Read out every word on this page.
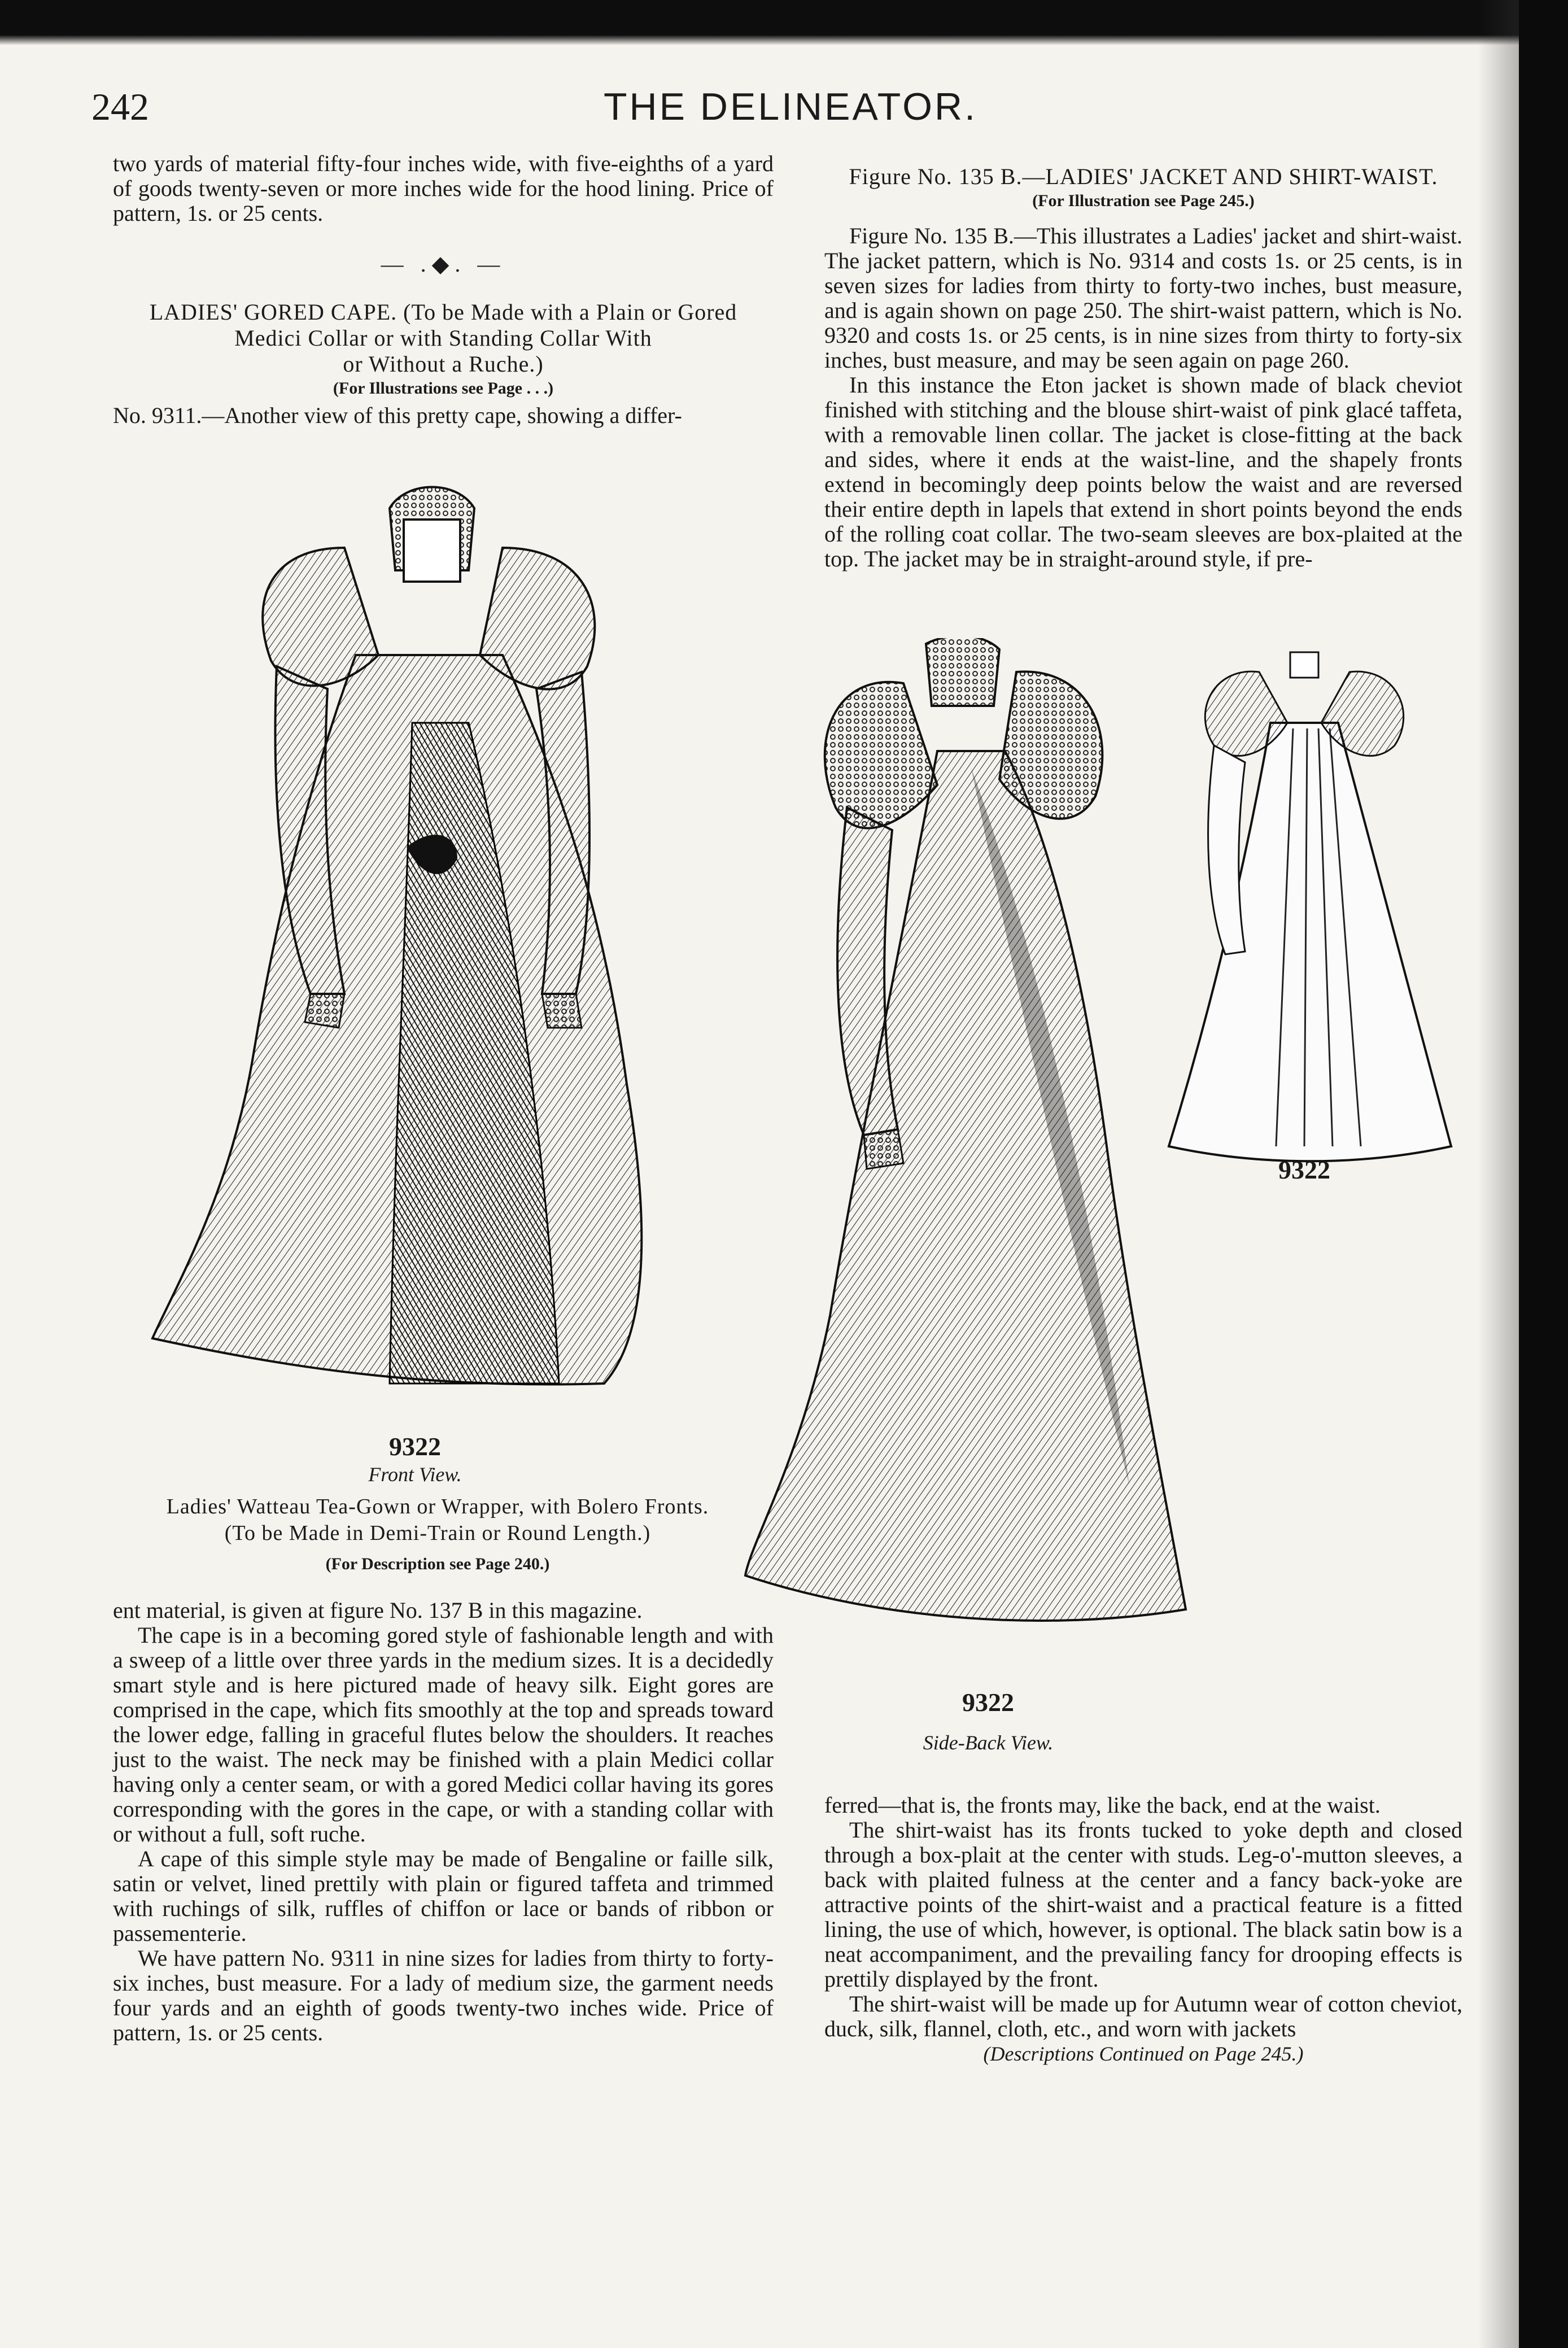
242	THE DELINEATOR.

two yards of material fifty-four inches wide, with five-eighths of a yard of goods twenty-seven or more inches wide for the hood lining. Price of pattern, 1s. or 25 cents.

— .◆. —

LADIES' GORED CAPE. (To be Made with a Plain or Gored

Medici Collar or with Standing Collar With

or Without a Ruche.)

(For Illustrations see Page . . .)

No. 9311.—Another view of this pretty cape, showing a differ-

Figure No. 135 B.—LADIES' JACKET AND SHIRT-WAIST.

(For Illustration see Page 245.)

Figure No. 135 B.—This illustrates a Ladies' jacket and shirt-waist. The jacket pattern, which is No. 9314 and costs 1s. or 25 cents, is in seven sizes for ladies from thirty to forty-two inches, bust measure, and is again shown on page 250. The shirt-waist pattern, which is No. 9320 and costs 1s. or 25 cents, is in nine sizes from thirty to forty-six inches, bust measure, and may be seen again on page 260.

In this instance the Eton jacket is shown made of black cheviot finished with stitching and the blouse shirt-waist of pink glacé taffeta, with a removable linen collar. The jacket is close-fitting at the back and sides, where it ends at the waist-line, and the shapely fronts extend in becomingly deep points below the waist and are reversed their entire depth in lapels that extend in short points beyond the ends of the rolling coat collar. The two-seam sleeves are box-plaited at the top. The jacket may be in straight-around style, if pre-

9322
Front View.
Ladies' Watteau Tea-Gown or Wrapper, with Bolero Fronts.
(To be Made in Demi-Train or Round Length.)
(For Description see Page 240.)
9322
Side-Back View.
9322

ent material, is given at figure No. 137 B in this magazine.

The cape is in a becoming gored style of fashionable length and with a sweep of a little over three yards in the medium sizes. It is a decidedly smart style and is here pictured made of heavy silk. Eight gores are comprised in the cape, which fits smoothly at the top and spreads toward the lower edge, falling in graceful flutes below the shoulders. It reaches just to the waist. The neck may be finished with a plain Medici collar having only a center seam, or with a gored Medici collar having its gores corresponding with the gores in the cape, or with a standing collar with or without a full, soft ruche.

A cape of this simple style may be made of Bengaline or faille silk, satin or velvet, lined prettily with plain or figured taffeta and trimmed with ruchings of silk, ruffles of chiffon or lace or bands of ribbon or passementerie.

We have pattern No. 9311 in nine sizes for ladies from thirty to forty-six inches, bust measure. For a lady of medium size, the garment needs four yards and an eighth of goods twenty-two inches wide. Price of pattern, 1s. or 25 cents.

ferred—that is, the fronts may, like the back, end at the waist.

The shirt-waist has its fronts tucked to yoke depth and closed through a box-plait at the center with studs. Leg-o'-mutton sleeves, a back with plaited fulness at the center and a fancy back-yoke are attractive points of the shirt-waist and a practical feature is a fitted lining, the use of which, however, is optional. The black satin bow is a neat accompaniment, and the prevailing fancy for drooping effects is prettily displayed by the front.

The shirt-waist will be made up for Autumn wear of cotton cheviot, duck, silk, flannel, cloth, etc., and worn with jackets

(Descriptions Continued on Page 245.)
